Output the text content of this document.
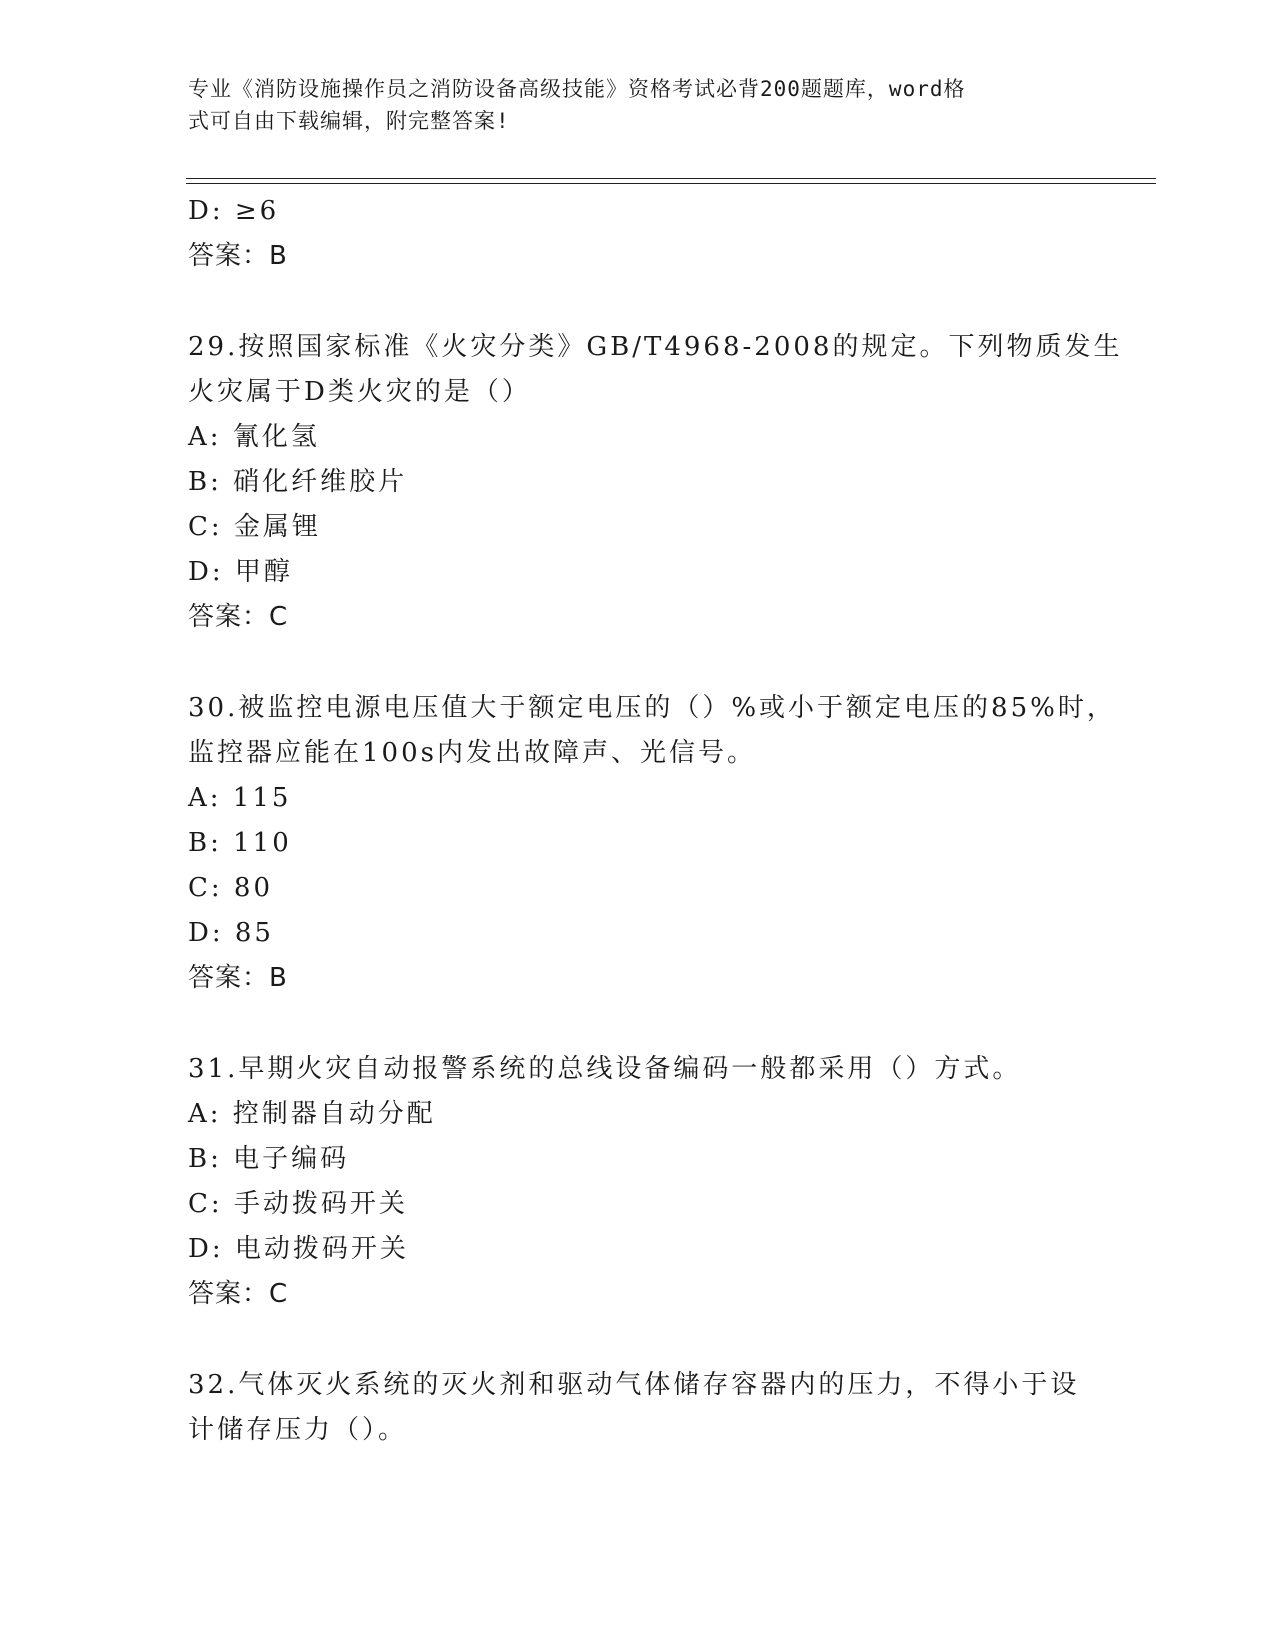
专业《消防设施操作员之消防设备高级技能》资格考试必背200题题库，word格
式可自由下载编辑，附完整答案!
D: ≥6
答案：B
29.按照国家标准《火灾分类》GB/T4968-2008的规定。下列物质发生
火灾属于D类火灾的是（）
A: 氰化氢
B: 硝化纤维胶片
C: 金属锂
D: 甲醇
答案：C
30.被监控电源电压值大于额定电压的（）%或小于额定电压的85%时，
监控器应能在100s内发出故障声、光信号。
A: 115
B: 110
C: 80
D: 85
答案：B
31.早期火灾自动报警系统的总线设备编码一般都采用（）方式。
A: 控制器自动分配
B: 电子编码
C: 手动拨码开关
D: 电动拨码开关
答案：C
32.气体灭火系统的灭火剂和驱动气体储存容器内的压力，不得小于设
计储存压力（）。
